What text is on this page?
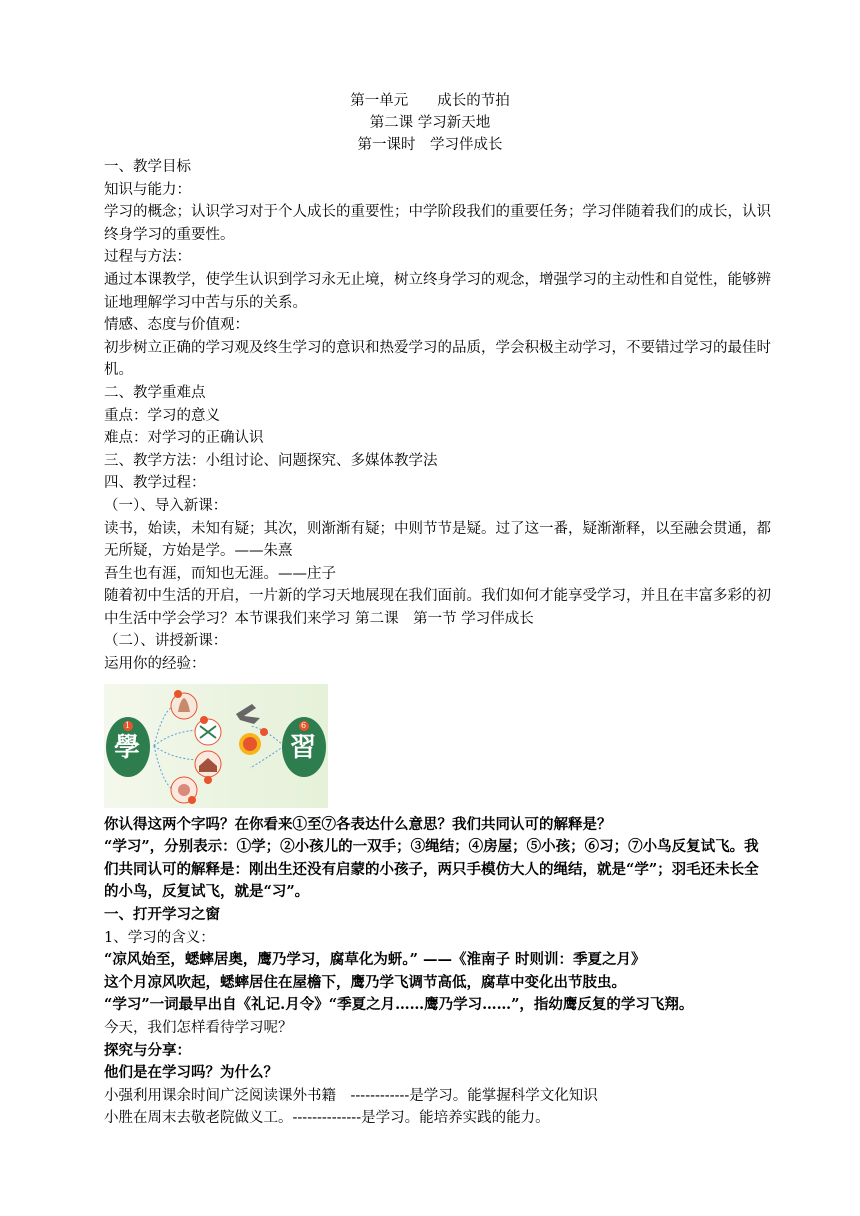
第一单元　　成长的节拍
第二课 学习新天地
第一课时　学习伴成长
一、教学目标
知识与能力：
学习的概念；认识学习对于个人成长的重要性；中学阶段我们的重要任务；学习伴随着我们的成长，认识终身学习的重要性。
过程与方法：
通过本课教学，使学生认识到学习永无止境，树立终身学习的观念，增强学习的主动性和自觉性，能够辨证地理解学习中苦与乐的关系。
情感、态度与价值观：
初步树立正确的学习观及终生学习的意识和热爱学习的品质，学会积极主动学习，不要错过学习的最佳时机。
二、教学重难点
重点：学习的意义
难点：对学习的正确认识
三、教学方法：小组讨论、问题探究、多媒体教学法
四、教学过程：
（一）、导入新课：
读书，始读，未知有疑；其次，则渐渐有疑；中则节节是疑。过了这一番，疑渐渐释，以至融会贯通，都无所疑，方始是学。——朱熹
吾生也有涯，而知也无涯。——庄子
随着初中生活的开启，一片新的学习天地展现在我们面前。我们如何才能享受学习，并且在丰富多彩的初中生活中学会学习？本节课我们来学习 第二课　第一节 学习伴成长
（二）、讲授新课：
运用你的经验：
學	習
1	6
你认得这两个字吗？在你看来①至⑦各表达什么意思？我们共同认可的解释是？
“学习”，分别表示：①学；②小孩儿的一双手；③绳结；④房屋；⑤小孩；⑥习；⑦小鸟反复试飞。我们共同认可的解释是：刚出生还没有启蒙的小孩子，两只手模仿大人的绳结，就是“学”；羽毛还未长全的小鸟，反复试飞，就是“习”。
一、打开学习之窗
1、学习的含义：
“凉风始至，蟋蟀居奥，鹰乃学习，腐草化为蚈。” ——《淮南子 时则训：季夏之月》
这个月凉风吹起，蟋蟀居住在屋檐下，鹰乃学飞调节高低，腐草中变化出节肢虫。
“学习”一词最早出自《礼记.月令》“季夏之月……鹰乃学习……”，指幼鹰反复的学习飞翔。
今天，我们怎样看待学习呢？
探究与分享：
他们是在学习吗？为什么？
小强利用课余时间广泛阅读课外书籍　------------是学习。能掌握科学文化知识
小胜在周末去敬老院做义工。--------------是学习。能培养实践的能力。
